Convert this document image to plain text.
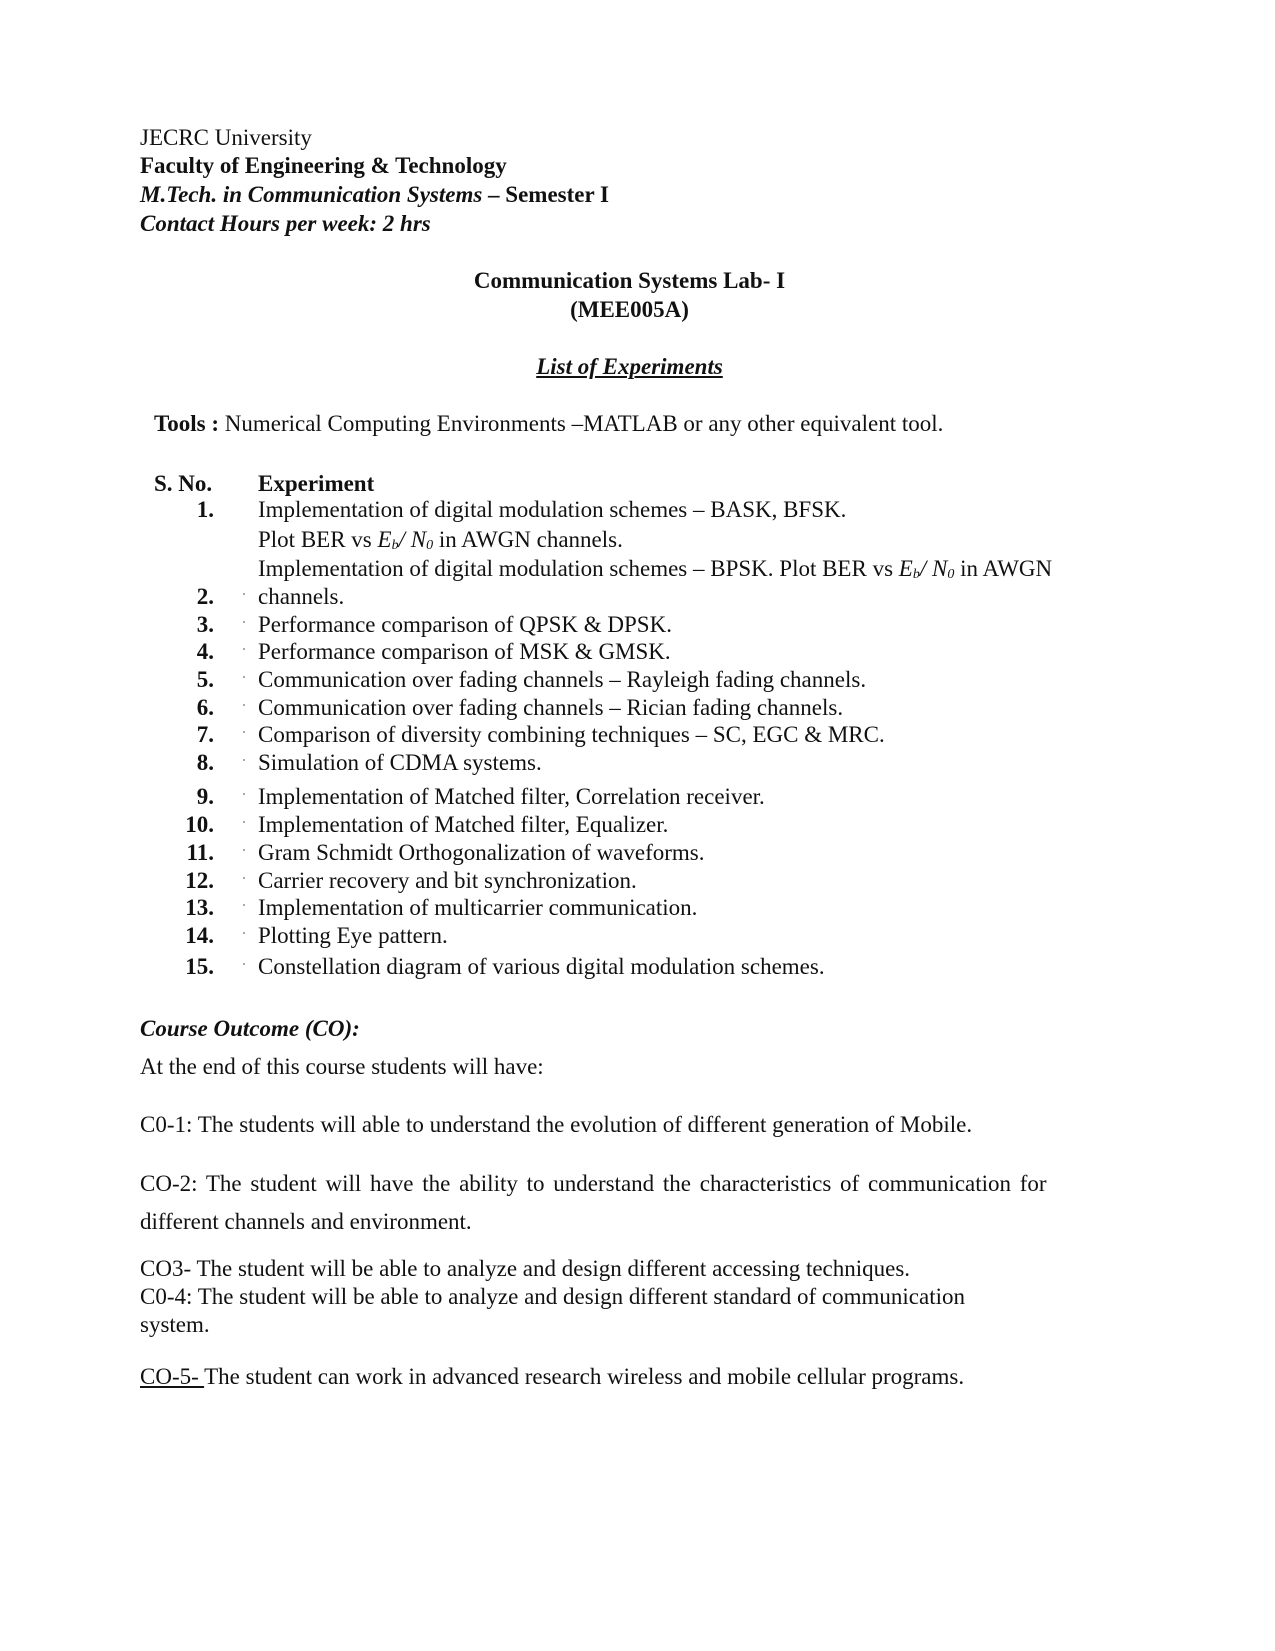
JECRC University
Faculty of Engineering & Technology
M.Tech. in Communication Systems – Semester I
Contact Hours per week: 2 hrs
Communication Systems Lab- I
(MEE005A)
List of Experiments
Tools : Numerical Computing Environments –MATLAB or any other equivalent tool.
S. No. Experiment
1. Implementation of digital modulation schemes – BASK, BFSK.
Plot BER vs Eb/ N0 in AWGN channels.
Implementation of digital modulation schemes – BPSK. Plot BER vs Eb/ N0 in AWGN
2. channels.
3. Performance comparison of QPSK & DPSK.
4. Performance comparison of MSK & GMSK.
5. Communication over fading channels – Rayleigh fading channels.
6. Communication over fading channels – Rician fading channels.
7. Comparison of diversity combining techniques – SC, EGC & MRC.
8. Simulation of CDMA systems.
9. Implementation of Matched filter, Correlation receiver.
10. Implementation of Matched filter, Equalizer.
11. Gram Schmidt Orthogonalization of waveforms.
12. Carrier recovery and bit synchronization.
13. Implementation of multicarrier communication.
14. Plotting Eye pattern.
15. Constellation diagram of various digital modulation schemes.
Course Outcome (CO):
At the end of this course students will have:
C0-1: The students will able to understand the evolution of different generation of Mobile.
CO-2: The student will have the ability to understand the characteristics of communication for
different channels and environment.
CO3- The student will be able to analyze and design different accessing techniques.
C0-4: The student will be able to analyze and design different standard of communication
system.
CO-5- The student can work in advanced research wireless and mobile cellular programs.
